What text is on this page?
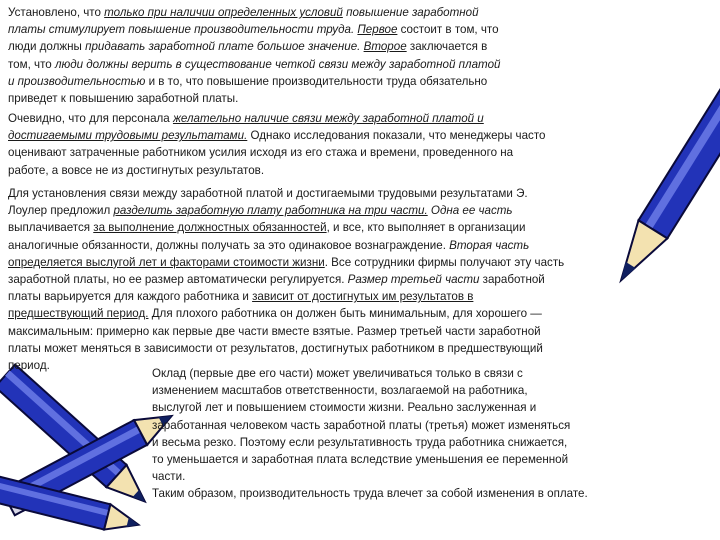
Установлено, что только при наличии определенных условий повышение заработной
платы стимулирует повышение производительности труда. Первое состоит в том, что
люди должны придавать заработной плате большое значение. Второе заключается в
том, что люди должны верить в существование четкой связи между заработной платой
и производительностью и в то, что повышение производительности труда обязательно
приведет к повышению заработной платы.
Очевидно, что для персонала желательно наличие связи между заработной платой и
достигаемыми трудовыми результатами. Однако исследования показали, что менеджеры часто
оценивают затраченные работником усилия исходя из его стажа и времени, проведенного на
работе, а вовсе не из достигнутых результатов.
Для установления связи между заработной платой и достигаемыми трудовыми результатами Э.
Лоулер предложил разделить заработную плату работника на три части. Одна ее часть
выплачивается за выполнение должностных обязанностей, и все, кто выполняет в организации
аналогичные обязанности, должны получать за это одинаковое вознаграждение. Вторая часть
определяется выслугой лет и факторами стоимости жизни. Все сотрудники фирмы получают эту часть
заработной платы, но ее размер автоматически регулируется. Размер третьей части заработной
платы варьируется для каждого работника и зависит от достигнутых им результатов в
предшествующий период. Для плохого работника он должен быть минимальным, для хорошего —
максимальным: примерно как первые две части вместе взятые. Размер третьей части заработной
платы может меняться в зависимости от результатов, достигнутых работником в предшествующий
период.
Оклад (первые две его части) может увеличиваться только в связи с
изменением масштабов ответственности, возлагаемой на работника,
выслугой лет и повышением стоимости жизни. Реально заслуженная и
заработанная человеком часть заработной платы (третья) может изменяться
и весьма резко. Поэтому если результативность труда работника снижается,
то уменьшается и заработная плата вследствие уменьшения ее переменной
части.
Таким образом, производительность труда влечет за собой изменения в оплате.
